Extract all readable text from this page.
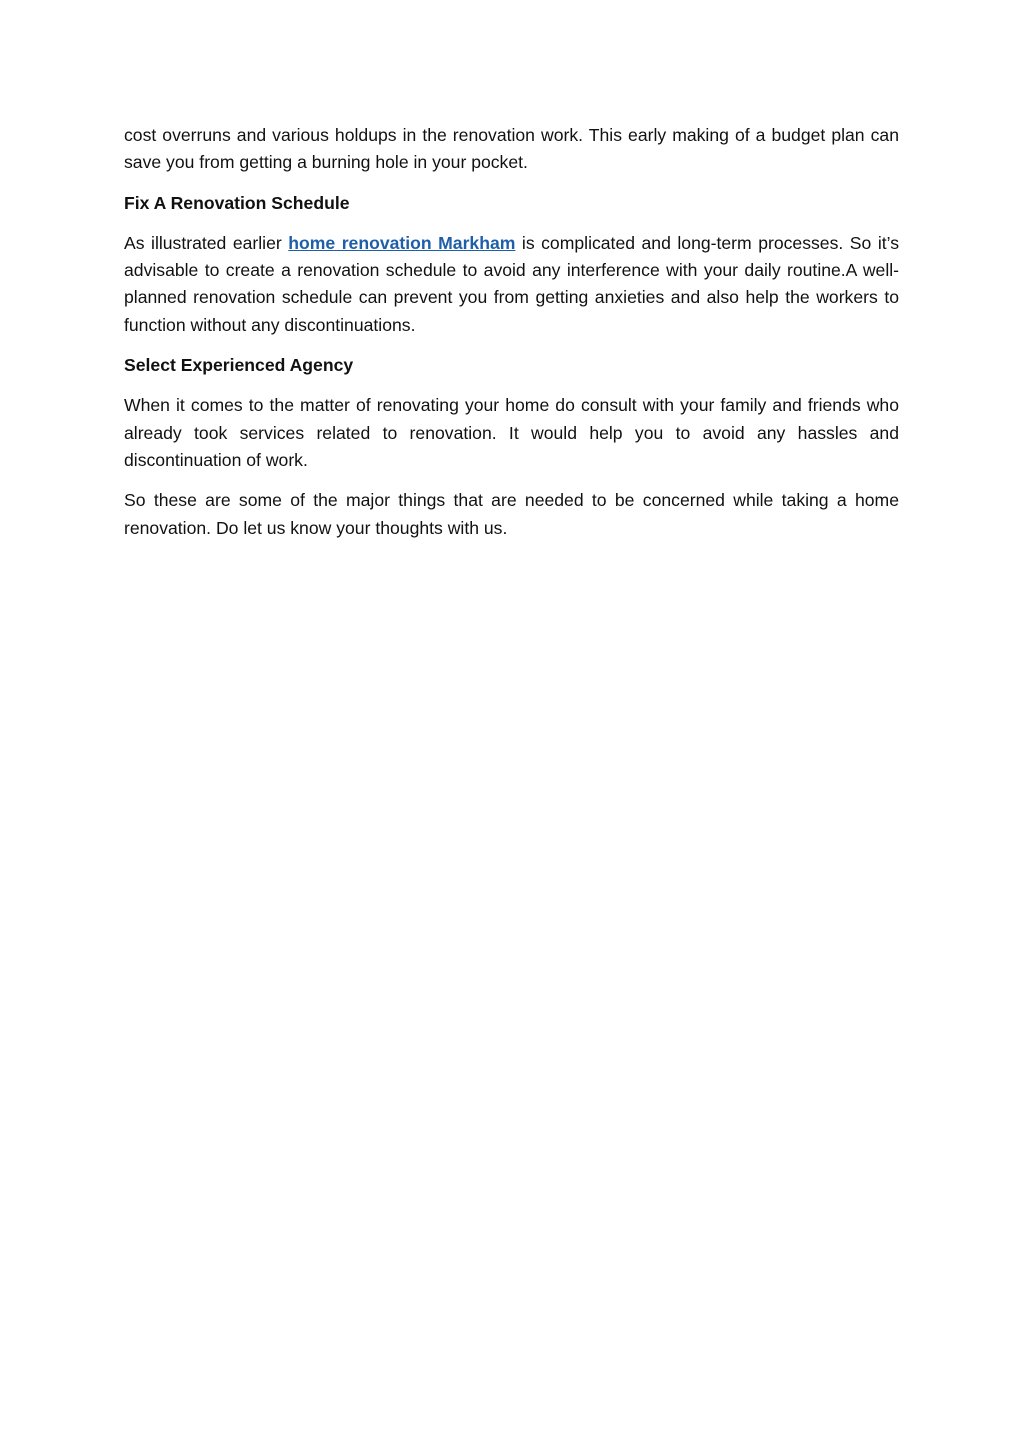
cost overruns and various holdups in the renovation work. This early making of a budget plan can save you from getting a burning hole in your pocket.

Fix A Renovation Schedule

As illustrated earlier home renovation Markham is complicated and long-term processes. So it’s advisable to create a renovation schedule to avoid any interference with your daily routine.A well-planned renovation schedule can prevent you from getting anxieties and also help the workers to function without any discontinuations.

Select Experienced Agency

When it comes to the matter of renovating your home do consult with your family and friends who already took services related to renovation. It would help you to avoid any hassles and discontinuation of work.

So these are some of the major things that are needed to be concerned while taking a home renovation. Do let us know your thoughts with us.
